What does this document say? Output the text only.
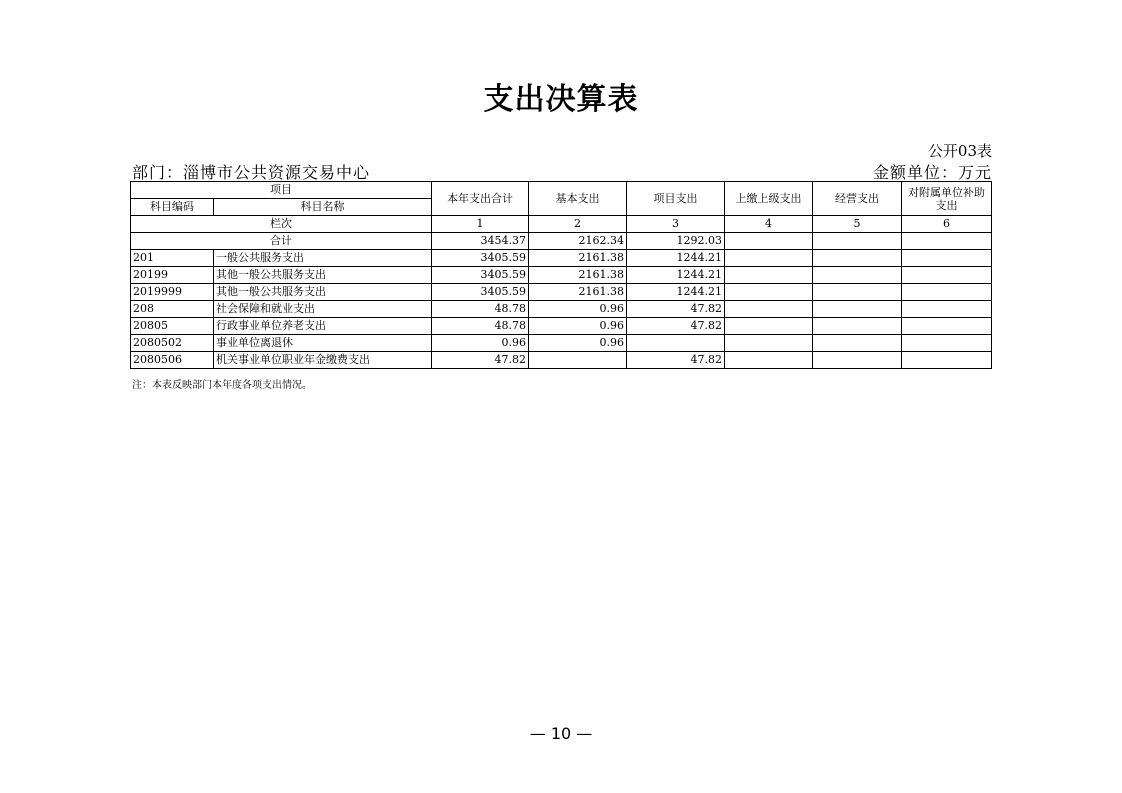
支出决算表
公开03表
部门：淄博市公共资源交易中心	金额单位：万元
项目		本年支出合计	基本支出	项目支出	上缴上级支出	经营支出	对附属单位补助支出
科目编码	科目名称						
栏次		1	2	3	4	5	6
合计		3454.37	2162.34	1292.03			
201	一般公共服务支出	3405.59	2161.38	1244.21			
20199	其他一般公共服务支出	3405.59	2161.38	1244.21			
2019999	其他一般公共服务支出	3405.59	2161.38	1244.21			
208	社会保障和就业支出	48.78	0.96	47.82			
20805	行政事业单位养老支出	48.78	0.96	47.82			
2080502	事业单位离退休	0.96	0.96				
2080506	机关事业单位职业年金缴费支出	47.82		47.82			
注：本表反映部门本年度各项支出情况。
— 10 —
